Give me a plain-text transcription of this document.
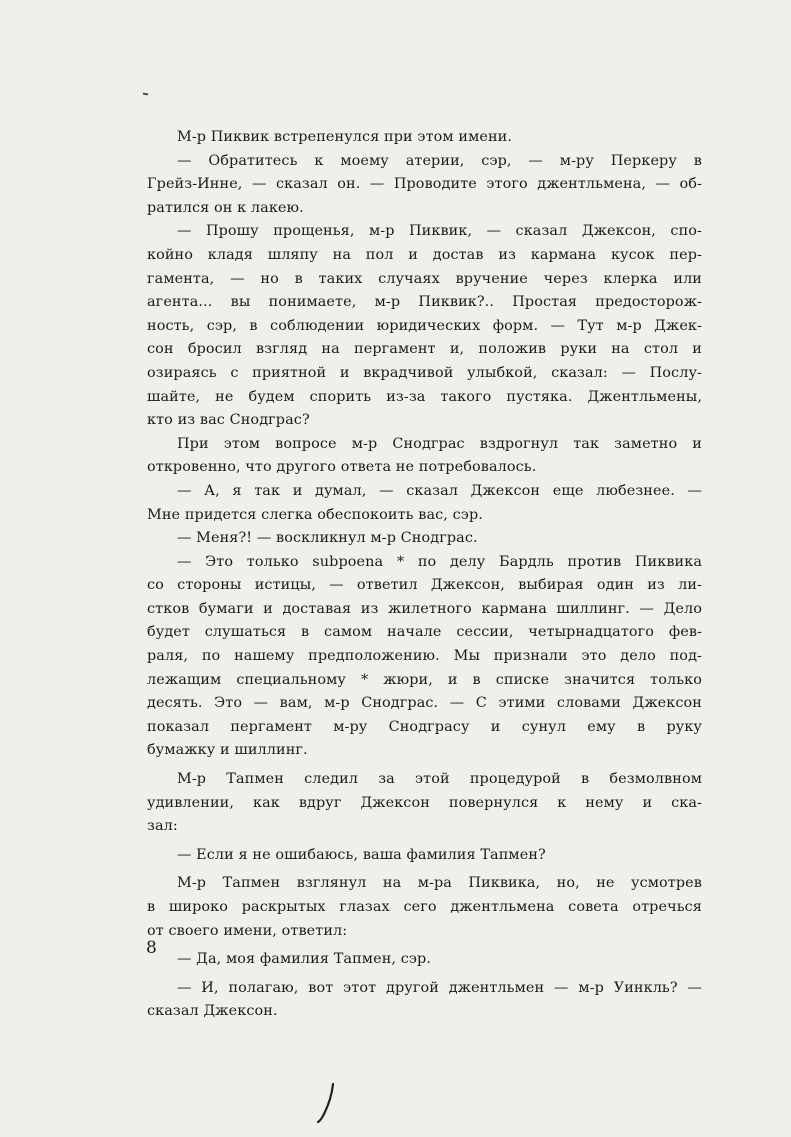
М-р Пиквик встрепенулся при этом имени.
— Обратитесь к моему атерии, сэр, — м-ру Перкеру в
Грейз-Инне, — сказал он. — Проводите этого джентльмена, — об-
ратился он к лакею.
— Прошу прощенья, м-р Пиквик, — сказал Джексон, спо-
койно кладя шляпу на пол и достав из кармана кусок пер-
гамента, — но в таких случаях вручение через клерка или
агента... вы понимаете, м-р Пиквик?.. Простая предосторож-
ность, сэр, в соблюдении юридических форм. — Тут м-р Джек-
сон бросил взгляд на пергамент и, положив руки на стол и
озираясь с приятной и вкрадчивой улыбкой, сказал: — Послу-
шайте, не будем спорить из-за такого пустяка. Джентльмены,
кто из вас Снодграс?
При этом вопросе м-р Снодграс вздрогнул так заметно и
откровенно, что другого ответа не потребовалось.
— А, я так и думал, — сказал Джексон еще любезнее. —
Мне придется слегка обеспокоить вас, сэр.
— Меня?! — воскликнул м-р Снодграс.
— Это только subpoena * по делу Бардль против Пиквика
со стороны истицы, — ответил Джексон, выбирая один из ли-
стков бумаги и доставая из жилетного кармана шиллинг. — Дело
будет слушаться в самом начале сессии, четырнадцатого фев-
раля, по нашему предположению. Мы признали это дело под-
лежащим специальному * жюри, и в списке значится только
десять. Это — вам, м-р Снодграс. — С этими словами Джексон
показал пергамент м-ру Снодграсу и сунул ему в руку
бумажку и шиллинг.
М-р Тапмен следил за этой процедурой в безмолвном
удивлении, как вдруг Джексон повернулся к нему и ска-
зал:
— Если я не ошибаюсь, ваша фамилия Тапмен?
М-р Тапмен взглянул на м-ра Пиквика, но, не усмотрев
в широко раскрытых глазах сего джентльмена совета отречься
от своего имени, ответил:
— Да, моя фамилия Тапмен, сэр.
— И, полагаю, вот этот другой джентльмен — м-р Уинкль? —
сказал Джексон.
8
